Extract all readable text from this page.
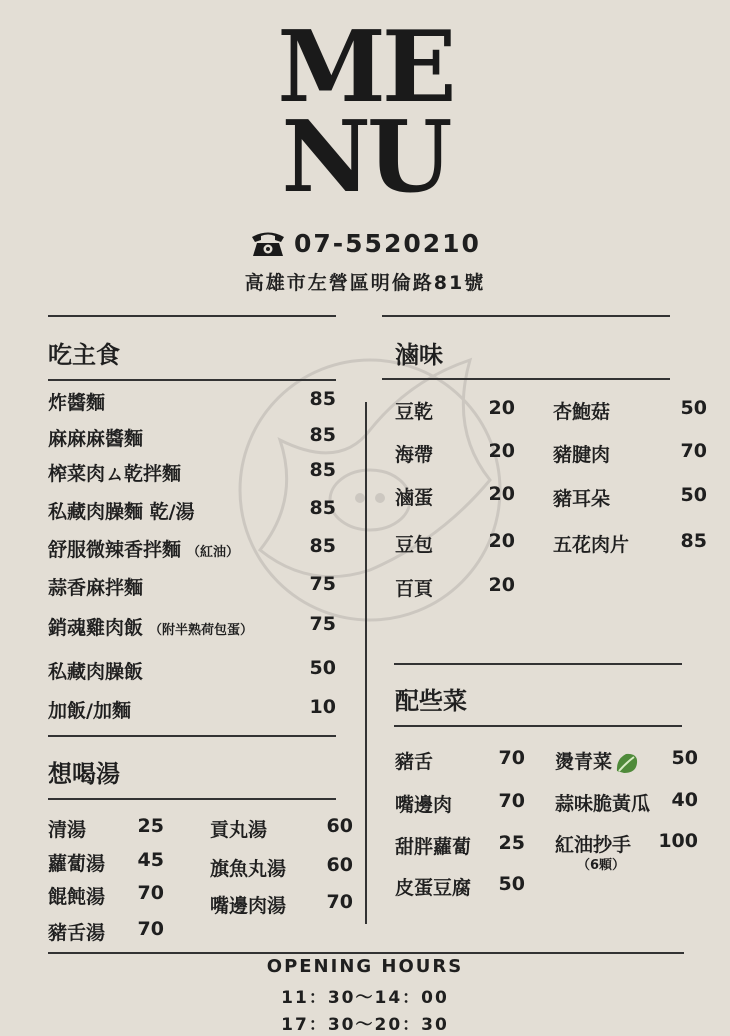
ME
NU
07-5520210
高雄市左營區明倫路81號
吃主食
炸醬麵	85
麻麻麻醬麵	85
榨菜肉ㄙ乾拌麵	85
私藏肉臊麵 乾/湯	85
舒服微辣香拌麵 （紅油）	85
蒜香麻拌麵	75
銷魂雞肉飯 （附半熟荷包蛋）	75
私藏肉臊飯	50
加飯/加麵	10
想喝湯
清湯	25
蘿蔔湯	45
餛飩湯	70
豬舌湯	70
貢丸湯	60
旗魚丸湯	60
嘴邊肉湯	70
滷味
豆乾	20
海帶	20
滷蛋	20
豆包	20
百頁	20
杏鮑菇	50
豬腱肉	70
豬耳朵	50
五花肉片	85
配些菜
豬舌	70
嘴邊肉	70
甜胖蘿蔔	25
皮蛋豆腐	50
燙青菜	50
蒜味脆黃瓜	40
紅油抄手	100
（6顆）
OPENING HOURS
11：30～14：00
17：30～20：30
